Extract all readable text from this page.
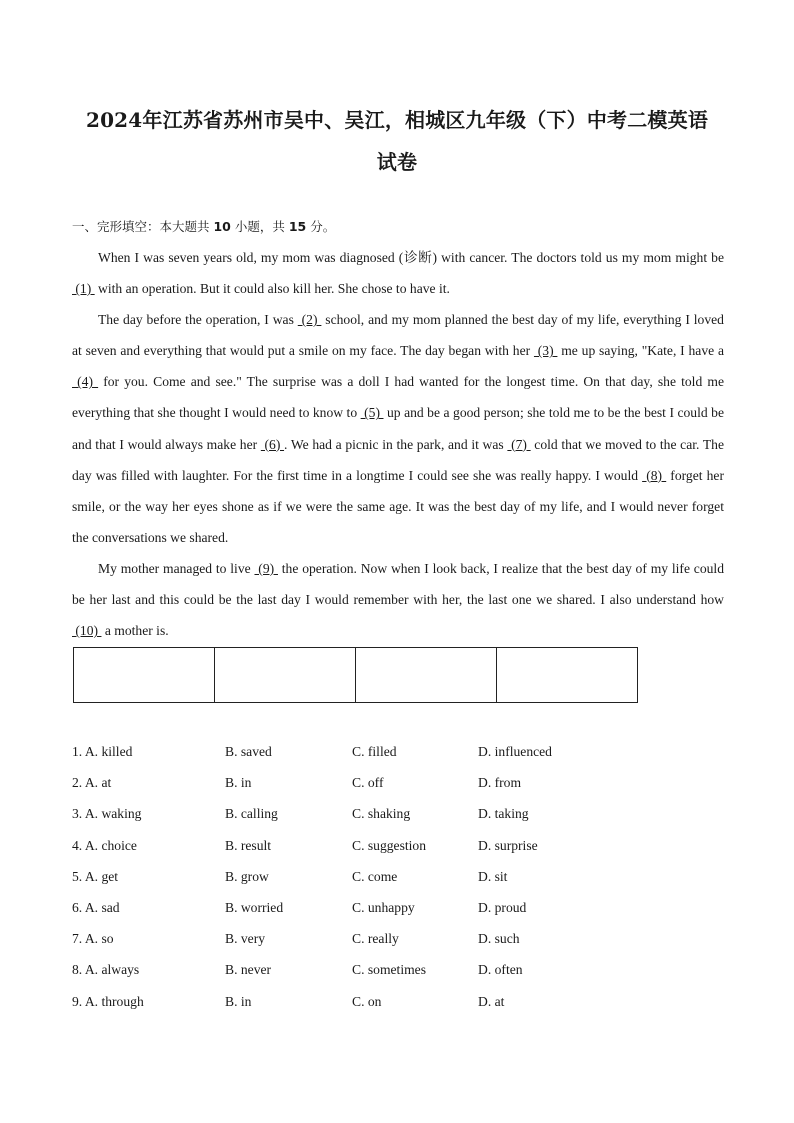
2024年江苏省苏州市吴中、吴江，相城区九年级（下）中考二模英语
试卷
一、完形填空：本大题共 10 小题，共 15 分。

When I was seven years old, my mom was diagnosed (诊断) with cancer. The doctors told us my mom might be  (1)  with an operation. But it could also kill her. She chose to have it.

The day before the operation, I was  (2)  school, and my mom planned the best day of my life, everything I loved at seven and everything that would put a smile on my face. The day began with her  (3)  me up saying, "Kate, I have a  (4)  for you. Come and see." The surprise was a doll I had wanted for the longest time. On that day, she told me everything that she thought I would need to know to  (5)  up and be a good person; she told me to be the best I could be and that I would always make her  (6) . We had a picnic in the park, and it was  (7)  cold that we moved to the car. The day was filled with laughter. For the first time in a longtime I could see she was really happy. I would  (8)  forget her smile, or the way her eyes shone as if we were the same age. It was the best day of my life, and I would never forget the conversations we shared.

My mother managed to live  (9)  the operation. Now when I look back, I realize that the best day of my life could be her last and this could be the last day I would remember with her, the last one we shared. I also understand how  (10)  a mother is.

1. A. killed	B. saved	C. filled	D. influenced
2. A. at	B. in	C. off	D. from
3. A. waking	B. calling	C. shaking	D. taking
4. A. choice	B. result	C. suggestion	D. surprise
5. A. get	B. grow	C. come	D. sit
6. A. sad	B. worried	C. unhappy	D. proud
7. A. so	B. very	C. really	D. such
8. A. always	B. never	C. sometimes	D. often
9. A. through	B. in	C. on	D. at
